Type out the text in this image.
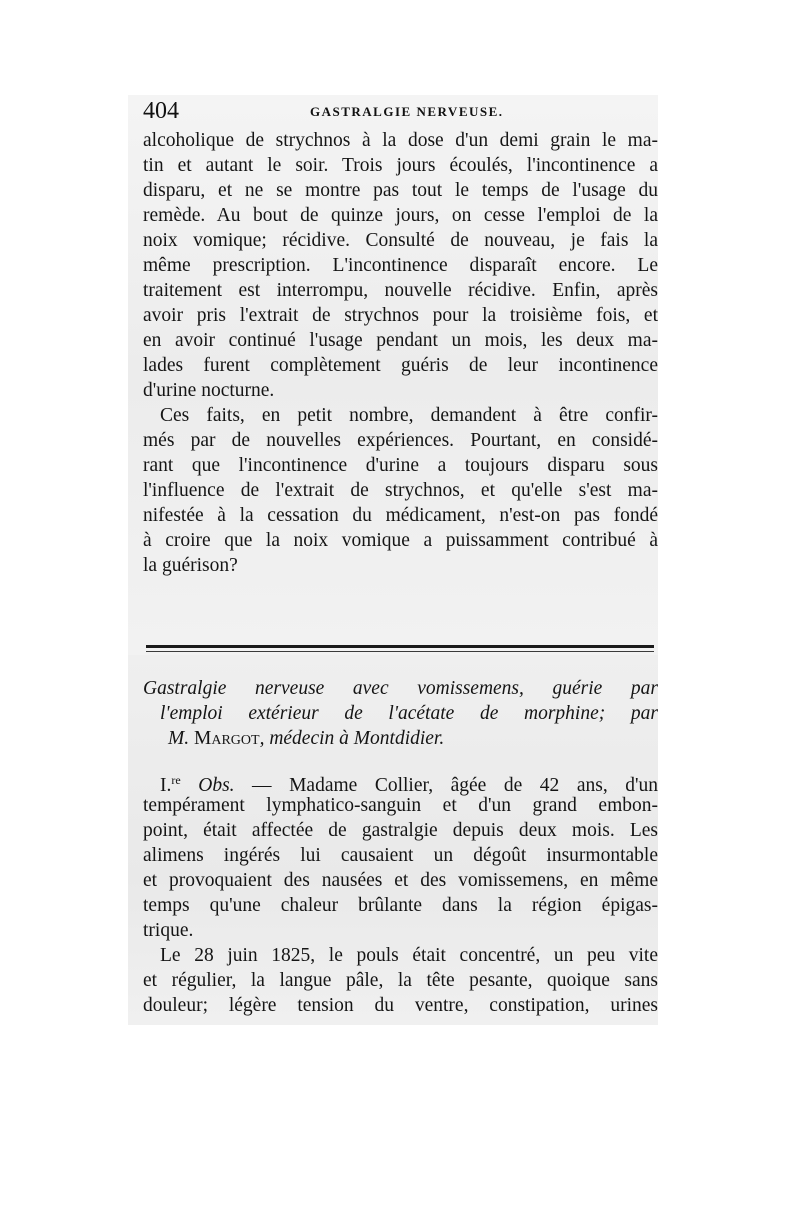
404	GASTRALGIE NERVEUSE.
alcoholique de strychnos à la dose d'un demi grain le ma-
tin et autant le soir. Trois jours écoulés, l'incontinence a
disparu, et ne se montre pas tout le temps de l'usage du
remède. Au bout de quinze jours, on cesse l'emploi de la
noix vomique; récidive. Consulté de nouveau, je fais la
même prescription. L'incontinence disparaît encore. Le
traitement est interrompu, nouvelle récidive. Enfin, après
avoir pris l'extrait de strychnos pour la troisième fois, et
en avoir continué l'usage pendant un mois, les deux ma-
lades furent complètement guéris de leur incontinence
d'urine nocturne.
Ces faits, en petit nombre, demandent à être confir-
més par de nouvelles expériences. Pourtant, en considé-
rant que l'incontinence d'urine a toujours disparu sous
l'influence de l'extrait de strychnos, et qu'elle s'est ma-
nifestée à la cessation du médicament, n'est-on pas fondé
à croire que la noix vomique a puissamment contribué à
la guérison?
Gastralgie nerveuse avec vomissemens, guérie par
l'emploi extérieur de l'acétate de morphine; par
M. Margot, médecin à Montdidier.
I.$^{re}$ Obs. — Madame Collier, âgée de 42 ans, d'un
tempérament lymphatico-sanguin et d'un grand embon-
point, était affectée de gastralgie depuis deux mois. Les
alimens ingérés lui causaient un dégoût insurmontable
et provoquaient des nausées et des vomissemens, en même
temps qu'une chaleur brûlante dans la région épigas-
trique.
Le 28 juin 1825, le pouls était concentré, un peu vite
et régulier, la langue pâle, la tête pesante, quoique sans
douleur; légère tension du ventre, constipation, urines
